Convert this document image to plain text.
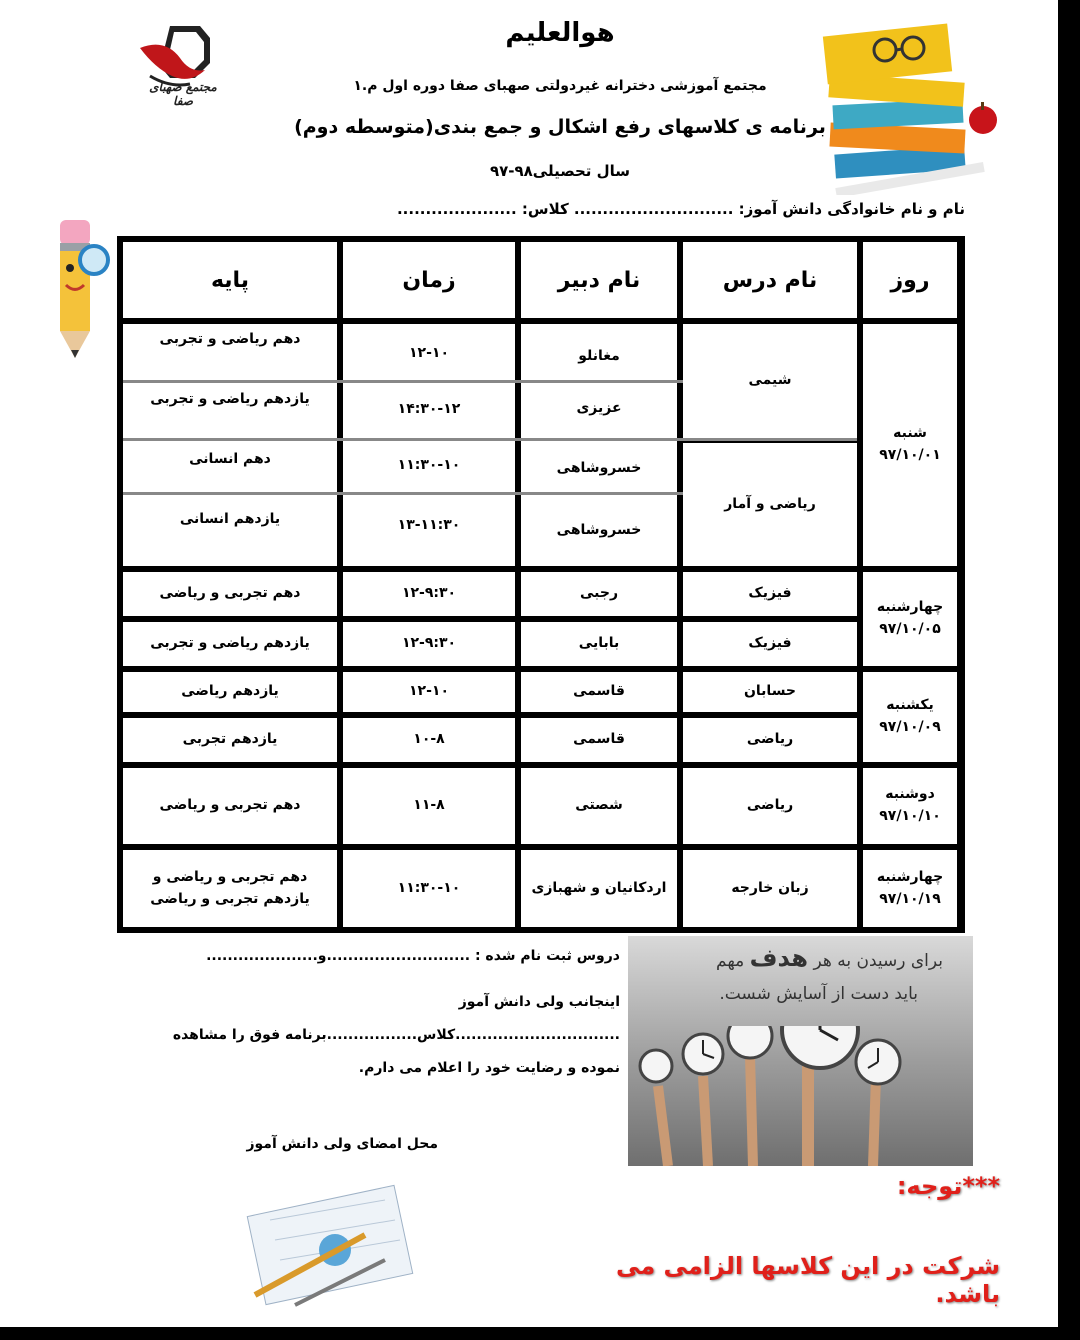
مجتمع صهبای صفا
هوالعلیم
مجتمع آموزشی دخترانه غیردولتی صهبای صفا دوره اول م.۱
برنامه ی کلاسهای رفع اشکال و جمع بندی(متوسطه دوم)
سال تحصیلی۹۸-۹۷
نام و نام خانوادگی دانش آموز: ............................ کلاس: .....................
روز
نام درس
نام دبیر
زمان
پایه
شنبه
۹۷/۱۰/۰۱
شیمی
ریاضی و آمار
مغانلو
عزیزی
خسروشاهی
خسروشاهی
۱۲-۱۰
۱۴:۳۰-۱۲
۱۱:۳۰-۱۰
۱۳-۱۱:۳۰
دهم ریاضی و تجربی
یازدهم ریاضی و تجربی
دهم انسانی
یازدهم انسانی
چهارشنبه
۹۷/۱۰/۰۵
فیزیک
فیزیک
رجبی
بابایی
۱۲-۹:۳۰
۱۲-۹:۳۰
دهم تجربی و ریاضی
یازدهم ریاضی و تجربی
یکشنبه
۹۷/۱۰/۰۹
حسابان
ریاضی
قاسمی
قاسمی
۱۲-۱۰
۱۰-۸
یازدهم ریاضی
یازدهم تجربی
دوشنبه
۹۷/۱۰/۱۰
ریاضی
شصتی
۱۱-۸
دهم تجربی و ریاضی
چهارشنبه
۹۷/۱۰/۱۹
زبان خارجه
اردکانیان و شهبازی
۱۱:۳۰-۱۰
دهم تجربی و ریاضی و
یازدهم تجربی و ریاضی
دروس ثبت نام شده : ...........................و.....................
اینجانب ولی دانش آموز
...............................کلاس.................برنامه فوق را مشاهده
نموده و رضایت خود را اعلام می دارم.
محل امضای ولی دانش آموز
برای رسیدن به هر هدف مهم
باید دست از آسایش شست.
***توجه:
شرکت در این کلاسها الزامی می باشد.
